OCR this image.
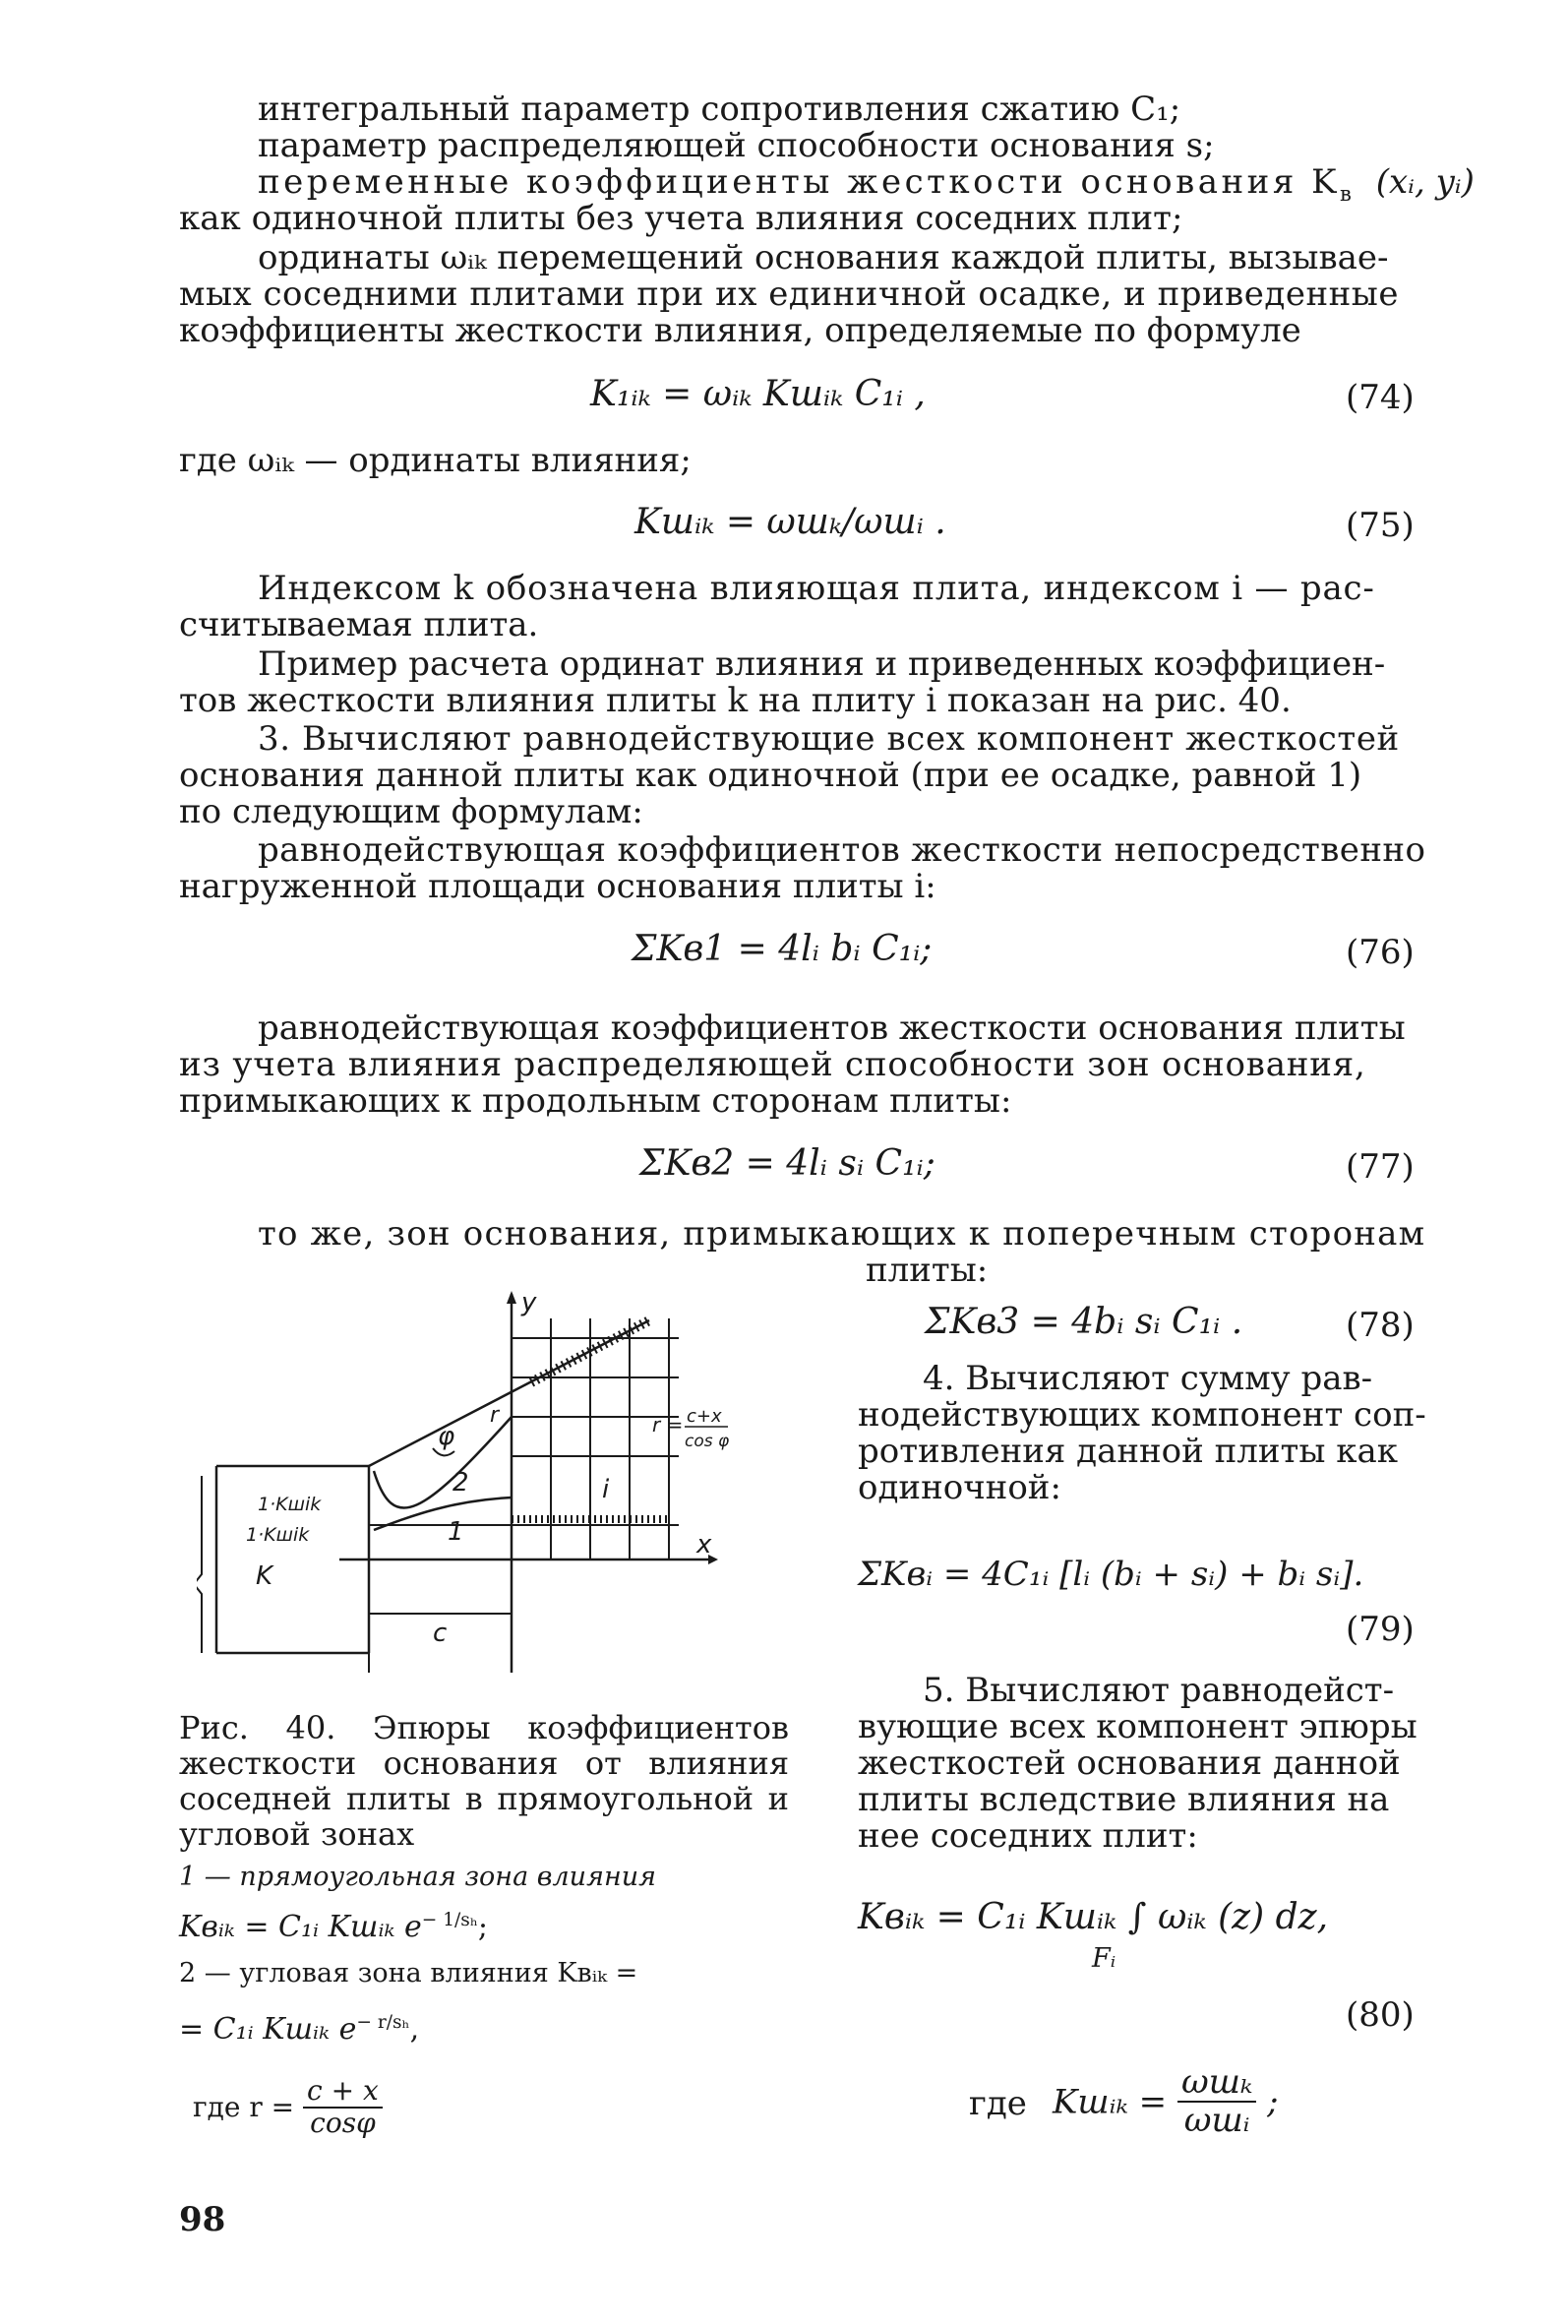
интегральный параметр сопротивления сжатию C₁;
параметр распределяющей способности основания s;
переменные коэффициенты жесткости основания $K_в$ (xᵢ, yᵢ)
как одиночной плиты без учета влияния соседних плит;
ординаты ωᵢₖ перемещений основания каждой плиты, вызывае-
мых соседними плитами при их единичной осадке, и приведенные
коэффициенты жесткости влияния, определяемые по формуле
K₁ᵢₖ = ωᵢₖ Kшᵢₖ C₁ᵢ ,	(74)
где ωᵢₖ — ординаты влияния;
Kшᵢₖ = ωшₖ/ωшᵢ .	(75)
Индексом k обозначена влияющая плита, индексом i — рас-
считываемая плита.
Пример расчета ординат влияния и приведенных коэффициен-
тов жесткости влияния плиты k на плиту i показан на рис. 40.
3. Вычисляют равнодействующие всех компонент жесткостей
основания данной плиты как одиночной (при ее осадке, равной 1)
по следующим формулам:
равнодействующая коэффициентов жесткости непосредственно
нагруженной площади основания плиты i:
ΣKв1 = 4lᵢ bᵢ C₁ᵢ;	(76)
равнодействующая коэффициентов жесткости основания плиты
из учета влияния распределяющей способности зон основания,
примыкающих к продольным сторонам плиты:
ΣKв2 = 4lᵢ sᵢ C₁ᵢ;	(77)
то же, зон основания, примыкающих к поперечным сторонам
плиты:
ΣKв3 = 4bᵢ sᵢ C₁ᵢ .	(78)
4. Вычисляют сумму рав-
нодействующих компонент соп-
ротивления данной плиты как
одиночной:
ΣKвᵢ = 4C₁ᵢ [lᵢ (bᵢ + sᵢ) + bᵢ sᵢ].
(79)
5. Вычисляют равнодейст-
вующие всех компонент эпюры
жесткостей основания данной
плиты вследствие влияния на
нее соседних плит:
Kвᵢₖ = C₁ᵢ Kшᵢₖ ∫ ωᵢₖ (z) dz,
Fᵢ
(80)
где Kшᵢₖ = $\frac{\text{ωшₖ}}{\text{ωшᵢ}}$ ;
y
x
K
φ
r
2
1
i
1·Kшik
1·Kшik
r = c+x
cos φ
c
Рис. 40. Эпюры коэффициентов жесткости основания от влияния соседней плиты в прямоугольной и угловой зонах
1 — прямоугольная зона влияния
Kвᵢₖ = C₁ᵢ Kшᵢₖ $e^{- 1/s_h}$;
2 — угловая зона влияния Kвᵢₖ =
= C₁ᵢ Kшᵢₖ $e^{- r/s_h}$,
где $r = \frac{c + x}{\cos\varphi}$
98
